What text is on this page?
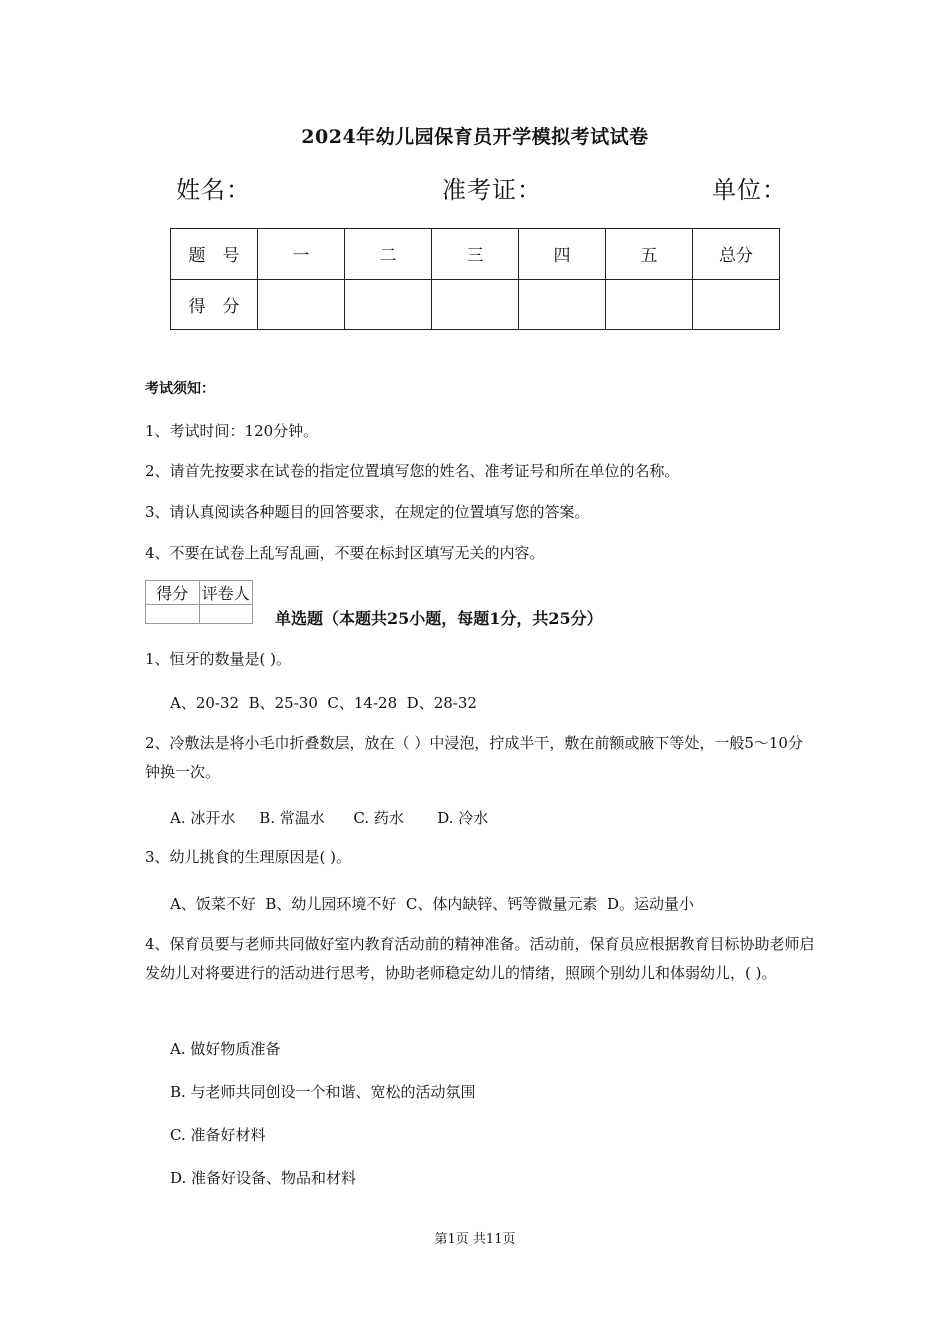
2024年幼儿园保育员开学模拟考试试卷
姓名：	准考证：	单位：
题　号	一	二	三	四	五	总分
得　分						
考试须知：
1、考试时间：120分钟。
2、请首先按要求在试卷的指定位置填写您的姓名、准考证号和所在单位的名称。
3、请认真阅读各种题目的回答要求，在规定的位置填写您的答案。
4、不要在试卷上乱写乱画，不要在标封区填写无关的内容。
得分	评卷人

单选题（本题共25小题，每题1分，共25分）
1、恒牙的数量是( )。
A、20-32  B、25-30  C、14-28  D、28-32
2、冷敷法是将小毛巾折叠数层，放在（ ）中浸泡，拧成半干，敷在前额或腋下等处，一般5～10分钟换一次。
A. 冰开水     B. 常温水      C. 药水       D. 冷水
3、幼儿挑食的生理原因是( )。
A、饭菜不好  B、幼儿园环境不好  C、体内缺锌、钙等微量元素  D。运动量小
4、保育员要与老师共同做好室内教育活动前的精神准备。活动前，保育员应根据教育目标协助老师启发幼儿对将要进行的活动进行思考，协助老师稳定幼儿的情绪，照顾个别幼儿和体弱幼儿，( )。
A. 做好物质准备
B. 与老师共同创设一个和谐、宽松的活动氛围
C. 准备好材料
D. 准备好设备、物品和材料
第1页 共11页
